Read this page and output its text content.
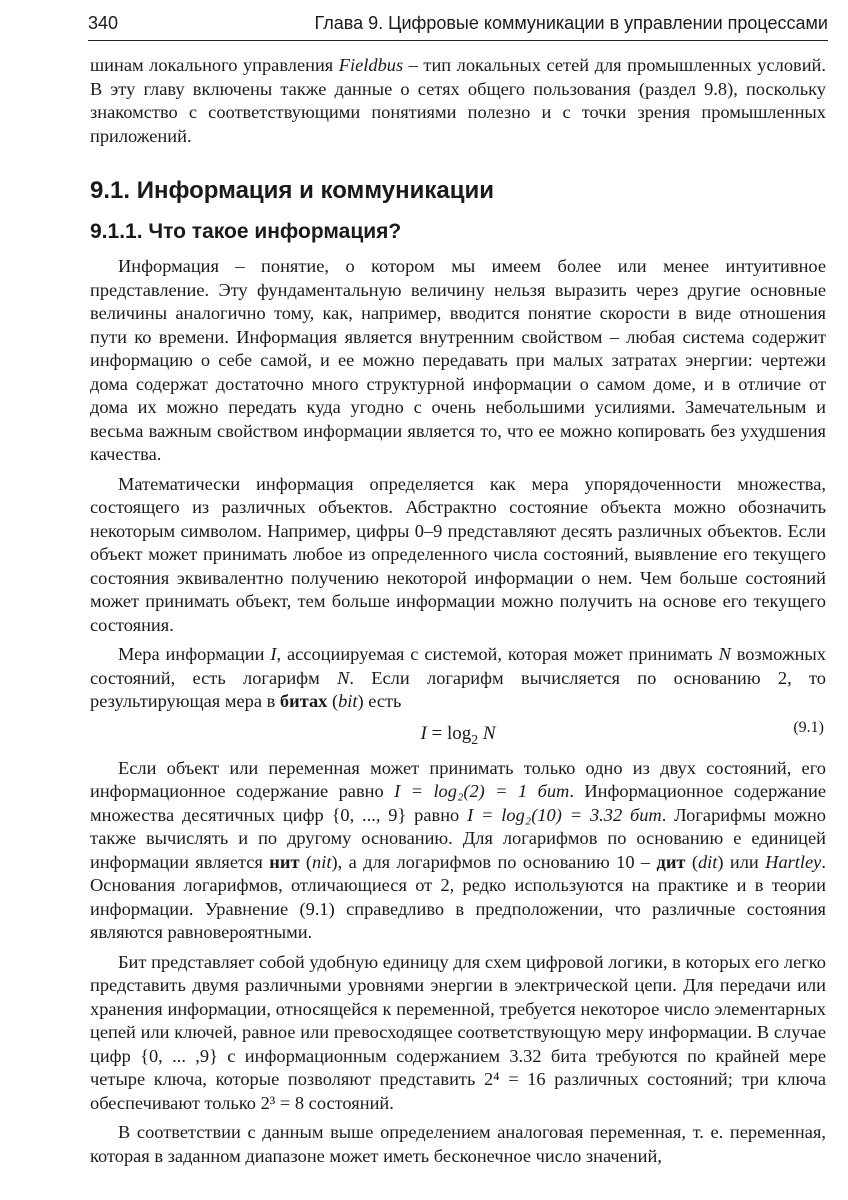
340	Глава 9. Цифровые коммуникации в управлении процессами

шинам локального управления Fieldbus – тип локальных сетей для промышленных условий. В эту главу включены также данные о сетях общего пользования (раздел 9.8), поскольку знакомство с соответствующими понятиями полезно и с точки зрения промышленных приложений.

9.1. Информация и коммуникации
9.1.1. Что такое информация?

Информация – понятие, о котором мы имеем более или менее интуитивное представление. Эту фундаментальную величину нельзя выразить через другие основные величины аналогично тому, как, например, вводится понятие скорости в виде отношения пути ко времени. Информация является внутренним свойством – любая система содержит информацию о себе самой, и ее можно передавать при малых затратах энергии: чертежи дома содержат достаточно много структурной информации о самом доме, и в отличие от дома их можно передать куда угодно с очень небольшими усилиями. Замечательным и весьма важным свойством информации является то, что ее можно копировать без ухудшения качества.

Математически информация определяется как мера упорядоченности множества, состоящего из различных объектов. Абстрактно состояние объекта можно обозначить некоторым символом. Например, цифры 0–9 представляют десять различных объектов. Если объект может принимать любое из определенного числа состояний, выявление его текущего состояния эквивалентно получению некоторой информации о нем. Чем больше состояний может принимать объект, тем больше информации можно получить на основе его текущего состояния.

Мера информации I, ассоциируемая с системой, которая может принимать N возможных состояний, есть логарифм N. Если логарифм вычисляется по основанию 2, то результирующая мера в битах (bit) есть

$I = \log_2 N$	(9.1)

Если объект или переменная может принимать только одно из двух состояний, его информационное содержание равно I = log₂(2) = 1 бит. Информационное содержание множества десятичных цифр {0, ..., 9} равно I = log₂(10) = 3.32 бит. Логарифмы можно также вычислять и по другому основанию. Для логарифмов по основанию e единицей информации является нит (nit), а для логарифмов по основанию 10 – дит (dit) или Hartley. Основания логарифмов, отличающиеся от 2, редко используются на практике и в теории информации. Уравнение (9.1) справедливо в предположении, что различные состояния являются равновероятными.

Бит представляет собой удобную единицу для схем цифровой логики, в которых его легко представить двумя различными уровнями энергии в электрической цепи. Для передачи или хранения информации, относящейся к переменной, требуется некоторое число элементарных цепей или ключей, равное или превосходящее соответствующую меру информации. В случае цифр {0, ... ,9} с информационным содержанием 3.32 бита требуются по крайней мере четыре ключа, которые позволяют представить 2⁴ = 16 различных состояний; три ключа обеспечивают только 2³ = 8 состояний.

В соответствии с данным выше определением аналоговая переменная, т. е. переменная, которая в заданном диапазоне может иметь бесконечное число значений,
